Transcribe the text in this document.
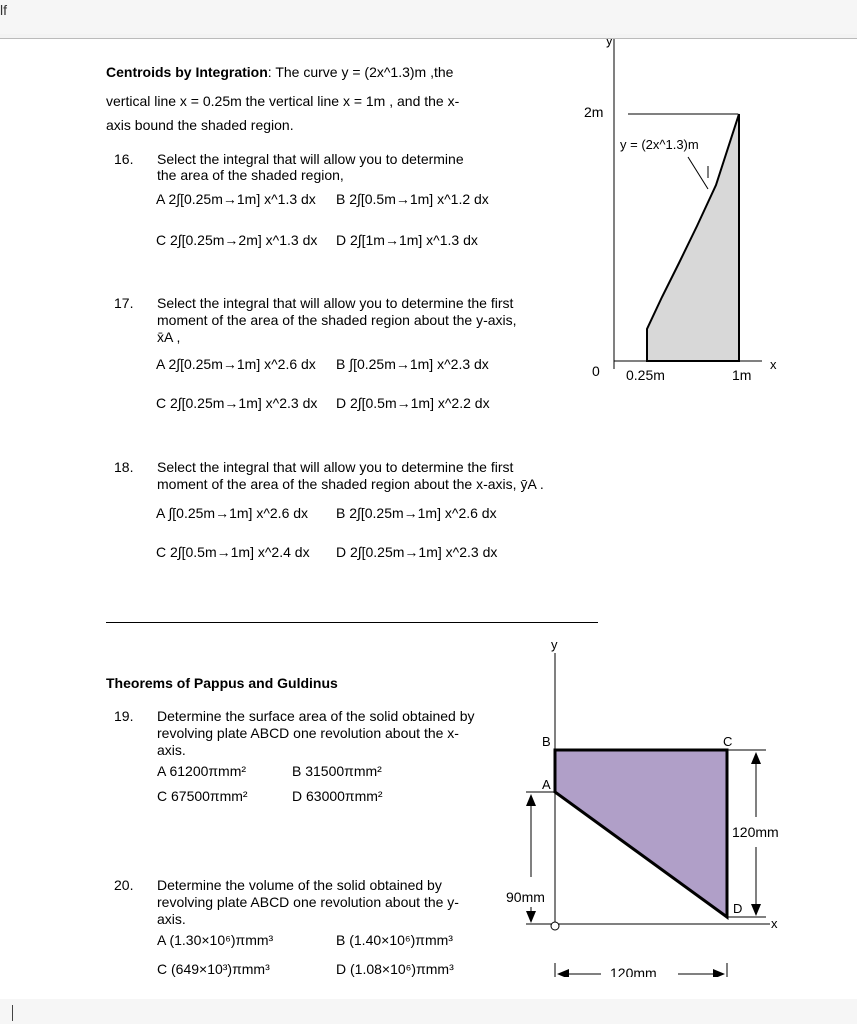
lf
Centroids by Integration: The curve y = (2x^1.3)m ,the
vertical line x = 0.25m the vertical line x = 1m , and the x-
axis bound the shaded region.
16. Select the integral that will allow you to determine
the area of the shaded region,
A 2∫[0.25m→1m] x^1.3 dx B 2∫[0.5m→1m] x^1.2 dx
C 2∫[0.25m→2m] x^1.3 dx D 2∫[1m→1m] x^1.3 dx
17. Select the integral that will allow you to determine the first
moment of the area of the shaded region about the y-axis,
x̄A ,
A 2∫[0.25m→1m] x^2.6 dx B ∫[0.25m→1m] x^2.3 dx
C 2∫[0.25m→1m] x^2.3 dx D 2∫[0.5m→1m] x^2.2 dx
18. Select the integral that will allow you to determine the first
moment of the area of the shaded region about the x-axis, ȳA .
A ∫[0.25m→1m] x^2.6 dx B 2∫[0.25m→1m] x^2.6 dx
C 2∫[0.5m→1m] x^2.4 dx D 2∫[0.25m→1m] x^2.3 dx
Theorems of Pappus and Guldinus
19. Determine the surface area of the solid obtained by
revolving plate ABCD one revolution about the x-
axis.
A 61200πmm²	B 31500πmm²
C 67500πmm²	D 63000πmm²
20. Determine the volume of the solid obtained by
revolving plate ABCD one revolution about the y-
axis.
A (1.30×10⁶)πmm³	B (1.40×10⁶)πmm³
C (649×10³)πmm³	D (1.08×10⁶)πmm³
y
2m
y = (2x^1.3)m
0 0.25m	1m
x
y
A
B	C
D
x
120mm
90mm
120mm
